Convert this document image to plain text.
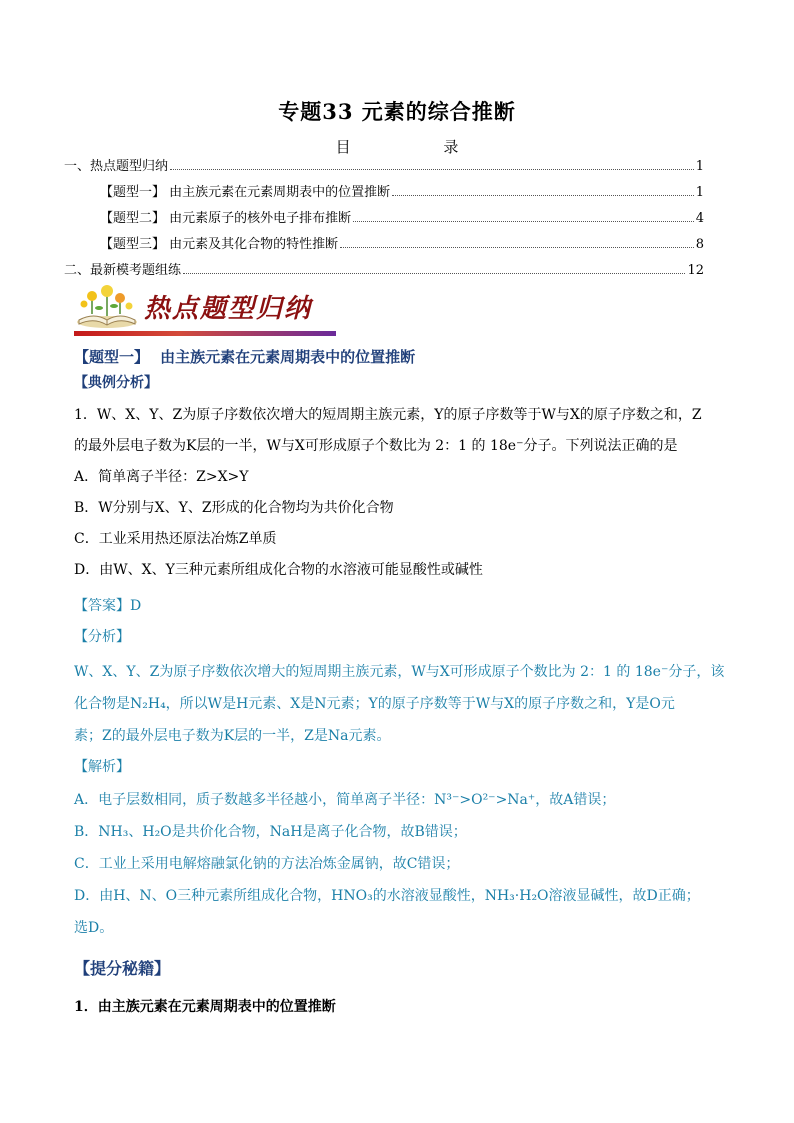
专题33 元素的综合推断
目	录
一、热点题型归纳	1
【题型一】 由主族元素在元素周期表中的位置推断	1
【题型二】 由元素原子的核外电子排布推断	4
【题型三】 由元素及其化合物的特性推断	8
二、最新模考题组练	12
热点题型归纳
【题型一】 由主族元素在元素周期表中的位置推断
【典例分析】
1．W、X、Y、Z为原子序数依次增大的短周期主族元素，Y的原子序数等于W与X的原子序数之和，Z
的最外层电子数为K层的一半，W与X可形成原子个数比为 2：1 的 18e⁻分子。下列说法正确的是
A．简单离子半径：Z>X>Y
B．W分别与X、Y、Z形成的化合物均为共价化合物
C．工业采用热还原法冶炼Z单质
D．由W、X、Y三种元素所组成化合物的水溶液可能显酸性或碱性
【答案】D
【分析】
W、X、Y、Z为原子序数依次增大的短周期主族元素，W与X可形成原子个数比为 2：1 的 18e⁻分子，该
化合物是N₂H₄，所以W是H元素、X是N元素；Y的原子序数等于W与X的原子序数之和，Y是O元
素；Z的最外层电子数为K层的一半，Z是Na元素。
【解析】
A．电子层数相同，质子数越多半径越小，简单离子半径：N³⁻>O²⁻>Na⁺，故A错误；
B．NH₃、H₂O是共价化合物，NaH是离子化合物，故B错误；
C．工业上采用电解熔融氯化钠的方法冶炼金属钠，故C错误；
D．由H、N、O三种元素所组成化合物，HNO₃的水溶液显酸性，NH₃·H₂O溶液显碱性，故D正确；
选D。
【提分秘籍】
1．由主族元素在元素周期表中的位置推断
